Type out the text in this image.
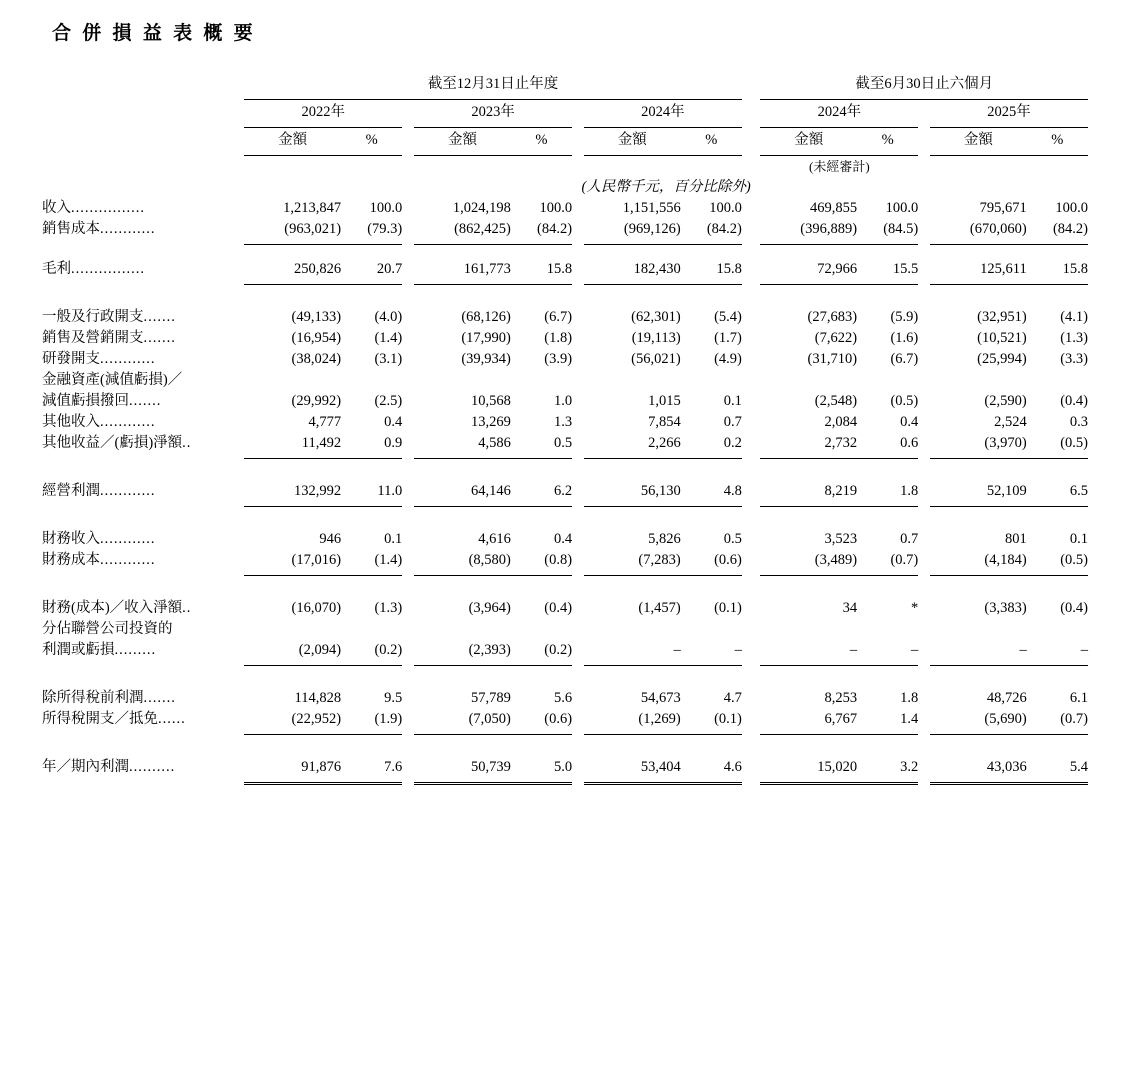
合 併 損 益 表 概 要
	截至12月31日止年度									截至6月30日止六個月				

	2022年			2023年			2024年			2024年			2025年	

	金額	%		金額	%		金額	%		金額	%		金額	%

										(未經審計)				
	(人民幣千元，百分比除外)													
收入................	1,213,847	100.0		1,024,198	100.0		1,151,556	100.0		469,855	100.0		795,671	100.0
銷售成本............	(963,021)	(79.3)		(862,425)	(84.2)		(969,126)	(84.2)		(396,889)	(84.5)		(670,060)	(84.2)

毛利................	250,826	20.7		161,773	15.8		182,430	15.8		72,966	15.5		125,611	15.8

一般及行政開支.......	(49,133)	(4.0)		(68,126)	(6.7)		(62,301)	(5.4)		(27,683)	(5.9)		(32,951)	(4.1)
銷售及營銷開支.......	(16,954)	(1.4)		(17,990)	(1.8)		(19,113)	(1.7)		(7,622)	(1.6)		(10,521)	(1.3)
研發開支............	(38,024)	(3.1)		(39,934)	(3.9)		(56,021)	(4.9)		(31,710)	(6.7)		(25,994)	(3.3)
金融資產(減值虧損)／														
減值虧損撥回.......	(29,992)	(2.5)		10,568	1.0		1,015	0.1		(2,548)	(0.5)		(2,590)	(0.4)
其他收入............	4,777	0.4		13,269	1.3		7,854	0.7		2,084	0.4		2,524	0.3
其他收益／(虧損)淨額..	11,492	0.9		4,586	0.5		2,266	0.2		2,732	0.6		(3,970)	(0.5)

經營利潤............	132,992	11.0		64,146	6.2		56,130	4.8		8,219	1.8		52,109	6.5

財務收入............	946	0.1		4,616	0.4		5,826	0.5		3,523	0.7		801	0.1
財務成本............	(17,016)	(1.4)		(8,580)	(0.8)		(7,283)	(0.6)		(3,489)	(0.7)		(4,184)	(0.5)

財務(成本)／收入淨額..	(16,070)	(1.3)		(3,964)	(0.4)		(1,457)	(0.1)		34	*		(3,383)	(0.4)
分佔聯營公司投資的														
利潤或虧損.........	(2,094)	(0.2)		(2,393)	(0.2)		–	–		–	–		–	–

除所得稅前利潤.......	114,828	9.5		57,789	5.6		54,673	4.7		8,253	1.8		48,726	6.1
所得稅開支／抵免......	(22,952)	(1.9)		(7,050)	(0.6)		(1,269)	(0.1)		6,767	1.4		(5,690)	(0.7)

年／期內利潤..........	91,876	7.6		50,739	5.0		53,404	4.6		15,020	3.2		43,036	5.4
